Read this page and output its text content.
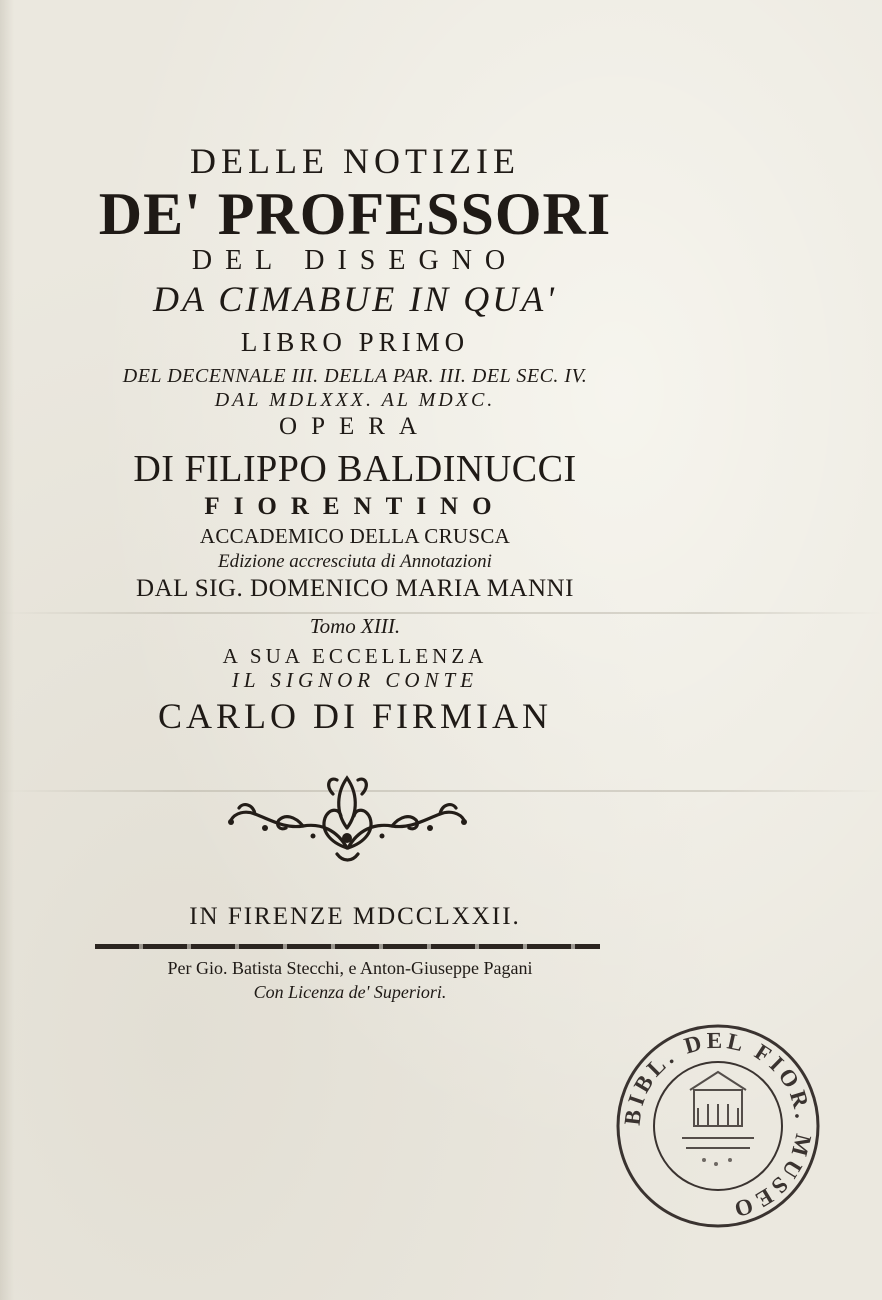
DELLE NOTIZIE
DE' PROFESSORI
DEL DISEGNO
DA CIMABUE IN QUA'
LIBRO PRIMO
DEL DECENNALE III. DELLA PAR. III. DEL SEC. IV.
DAL MDLXXX. AL MDXC.
OPERA
DI FILIPPO BALDINUCCI
FIORENTINO
ACCADEMICO DELLA CRUSCA
Edizione accresciuta di Annotazioni
DAL SIG. DOMENICO MARIA MANNI
Tomo XIII.
A SUA ECCELLENZA
IL SIGNOR CONTE
CARLO DI FIRMIAN
IN FIRENZE MDCCLXXII.
Per Gio. Batista Stecchi, e Anton-Giuseppe Pagani
Con Licenza de' Superiori.
BIBL. DEL FIOR. MUSEO
